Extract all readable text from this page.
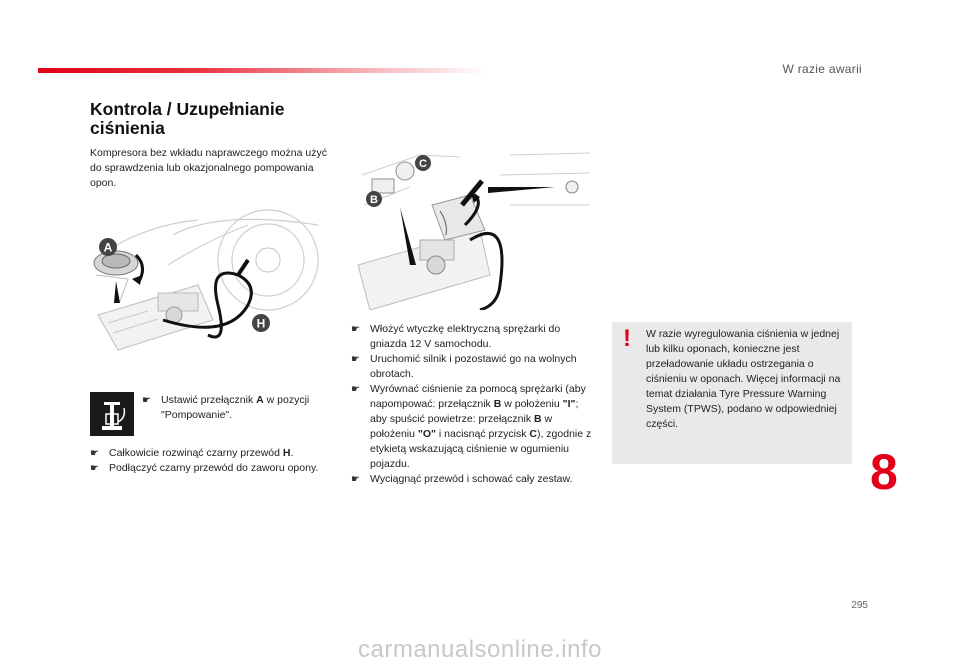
W razie awarii
Kontrola / Uzupełnianie ciśnienia

Kompresora bez wkładu naprawczego można użyć do sprawdzenia lub okazjonalnego pompowania opon.

A
H
B
C
☛ Ustawić przełącznik A w pozycji "Pompowanie".
☛ Całkowicie rozwinąć czarny przewód H.
☛ Podłączyć czarny przewód do zaworu opony.
☛ Włożyć wtyczkę elektryczną sprężarki do gniazda 12 V samochodu.
☛ Uruchomić silnik i pozostawić go na wolnych obrotach.
☛ Wyrównać ciśnienie za pomocą sprężarki (aby napompować: przełącznik B w położeniu "I"; aby spuścić powietrze: przełącznik B w położeniu "O" i nacisnąć przycisk C), zgodnie z etykietą wskazującą ciśnienie w ogumieniu pojazdu.
☛ Wyciągnąć przewód i schować cały zestaw.
! W razie wyregulowania ciśnienia w jednej lub kilku oponach, konieczne jest przeładowanie układu ostrzegania o ciśnieniu w oponach. Więcej informacji na temat działania Tyre Pressure Warning System (TPWS), podano w odpowiedniej części.

8
295
carmanualsonline.info
